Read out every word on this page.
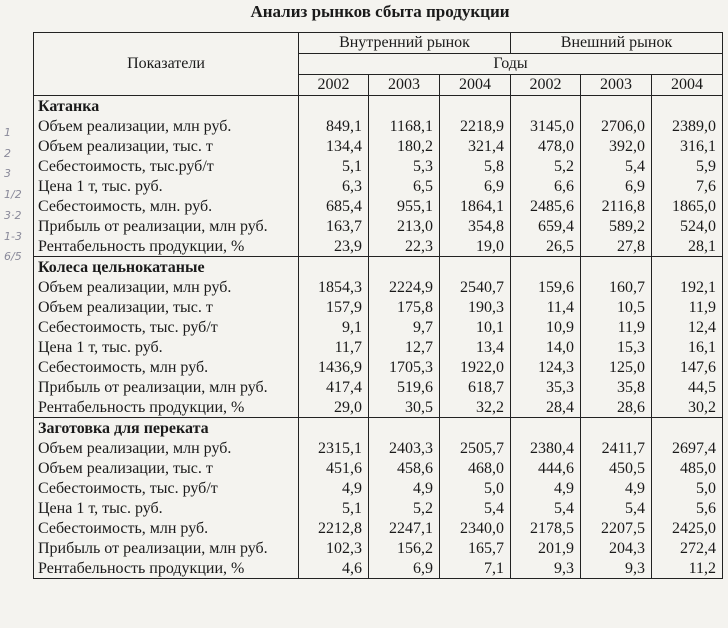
Анализ рынков сбыта продукции
1
2
3
1/2
3·2
1-3
6/5
Показатели	Внутренний рынок			Внешний рынок		
	Годы					
	2002	2003	2004	2002	2003	2004
Катанка						
Объем реализации, млн руб.	849,1	1168,1	2218,9	3145,0	2706,0	2389,0
Объем реализации, тыс. т	134,4	180,2	321,4	478,0	392,0	316,1
Себестоимость, тыс.руб/т	5,1	5,3	5,8	5,2	5,4	5,9
Цена 1 т, тыс. руб.	6,3	6,5	6,9	6,6	6,9	7,6
Себестоимость, млн. руб.	685,4	955,1	1864,1	2485,6	2116,8	1865,0
Прибыль от реализации, млн руб.	163,7	213,0	354,8	659,4	589,2	524,0
Рентабельность продукции, %	23,9	22,3	19,0	26,5	27,8	28,1
Колеса цельнокатаные						
Объем реализации, млн руб.	1854,3	2224,9	2540,7	159,6	160,7	192,1
Объем реализации, тыс. т	157,9	175,8	190,3	11,4	10,5	11,9
Себестоимость, тыс. руб/т	9,1	9,7	10,1	10,9	11,9	12,4
Цена 1 т, тыс. руб.	11,7	12,7	13,4	14,0	15,3	16,1
Себестоимость, млн руб.	1436,9	1705,3	1922,0	124,3	125,0	147,6
Прибыль от реализации, млн руб.	417,4	519,6	618,7	35,3	35,8	44,5
Рентабельность продукции, %	29,0	30,5	32,2	28,4	28,6	30,2
Заготовка для переката						
Объем реализации, млн руб.	2315,1	2403,3	2505,7	2380,4	2411,7	2697,4
Объем реализации, тыс. т	451,6	458,6	468,0	444,6	450,5	485,0
Себестоимость, тыс. руб/т	4,9	4,9	5,0	4,9	4,9	5,0
Цена 1 т, тыс. руб.	5,1	5,2	5,4	5,4	5,4	5,6
Себестоимость, млн руб.	2212,8	2247,1	2340,0	2178,5	2207,5	2425,0
Прибыль от реализации, млн руб.	102,3	156,2	165,7	201,9	204,3	272,4
Рентабельность продукции, %	4,6	6,9	7,1	9,3	9,3	11,2
